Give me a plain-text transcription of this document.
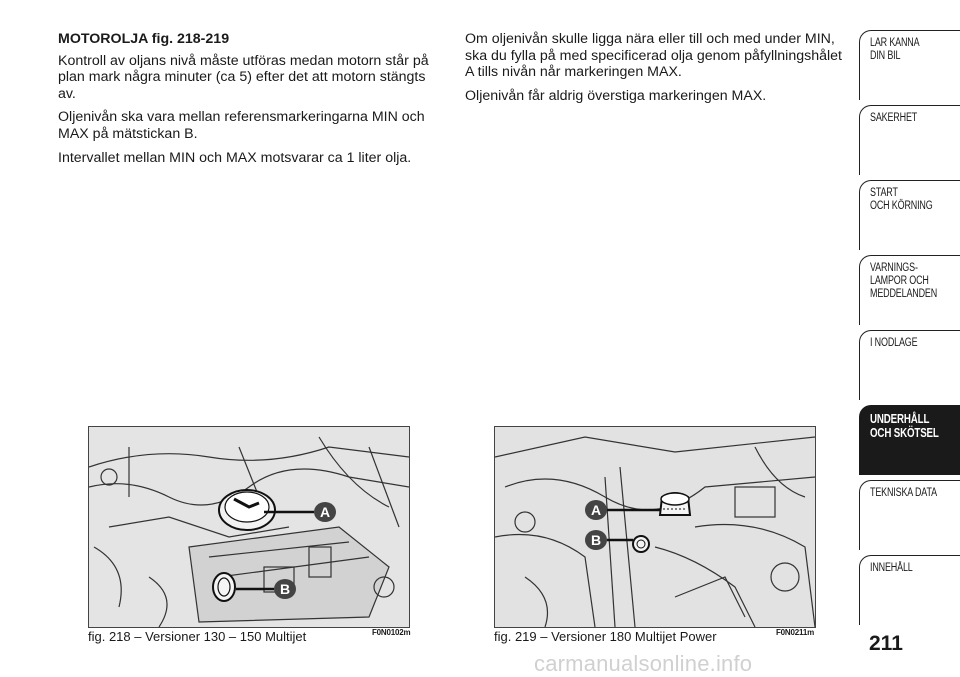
MOTOROLJA fig. 218-219

Kontroll av oljans nivå måste utföras medan motorn står på plan mark några minuter (ca 5) efter det att motorn stängts av.

Oljenivån ska vara mellan referensmarkeringarna MIN och MAX på mätstickan B.

Intervallet mellan MIN och MAX motsvarar ca 1 liter olja.

Om oljenivån skulle ligga nära eller till och med under MIN, ska du fylla på med specificerad olja genom påfyllningshålet A tills nivån når markeringen MAX.

Oljenivån får aldrig överstiga markeringen MAX.

A
B
fig. 218 – Versioner 130 – 150 Multijet	F0N0102m
A
B
fig. 219 – Versioner 180 Multijet Power	F0N0211m
LÄR KÄNNA
DIN BIL
SÄKERHET
START
OCH KÖRNING
VARNINGS-
LAMPOR OCH
MEDDELANDEN
I NÖDLÄGE
UNDERHÅLL
OCH SKÖTSEL
TEKNISKA DATA
INNEHÅLL
211
carmanualsonline.info
